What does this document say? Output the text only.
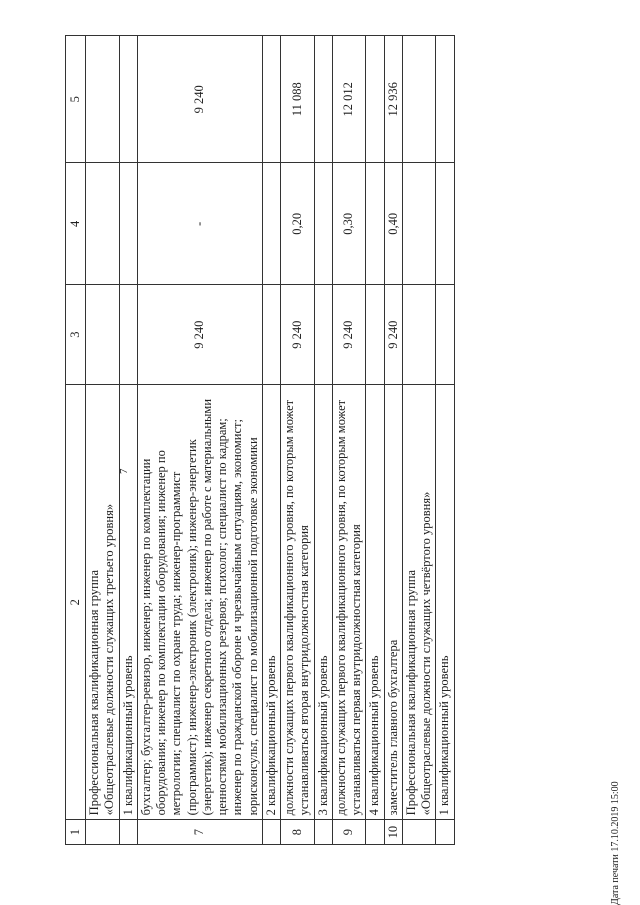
7
1	2	3	4	5
	Профессиональная квалификационная группа
«Общеотраслевые должности служащих третьего уровня»			
	1 квалификационный уровень			
7	бухгалтер; бухгалтер-ревизор, инженер; инженер по комплектации оборудования; инженер по комплектации оборудования; инженер по метрологии; специалист по охране труда; инженер-программист (программист); инженер-электроник (электроник); инженер-энергетик (энергетик); инженер секретного отдела; инженер по работе с материальными ценностями мобилизационных резервов; психолог; специалист по кадрам; инженер по гражданской обороне и чрезвычайным ситуациям, экономист; юрисконсульт, специалист по мобилизационной подготовке экономики	9 240	-	9 240
	2 квалификационный уровень			
8	должности служащих первого квалификационного уровня, по которым может устанавливаться вторая внутридолжностная категория	9 240	0,20	11 088
	3 квалификационный уровень			
9	должности служащих первого квалификационного уровня, по которым может устанавливаться первая внутридолжностная категория	9 240	0,30	12 012
	4 квалификационный уровень			
10	заместитель главного бухгалтера	9 240	0,40	12 936
	Профессиональная квалификационная группа
«Общеотраслевые должности служащих четвёртого уровня»			
	1 квалификационный уровень			
Дата печати 17.10.2019 15:00
